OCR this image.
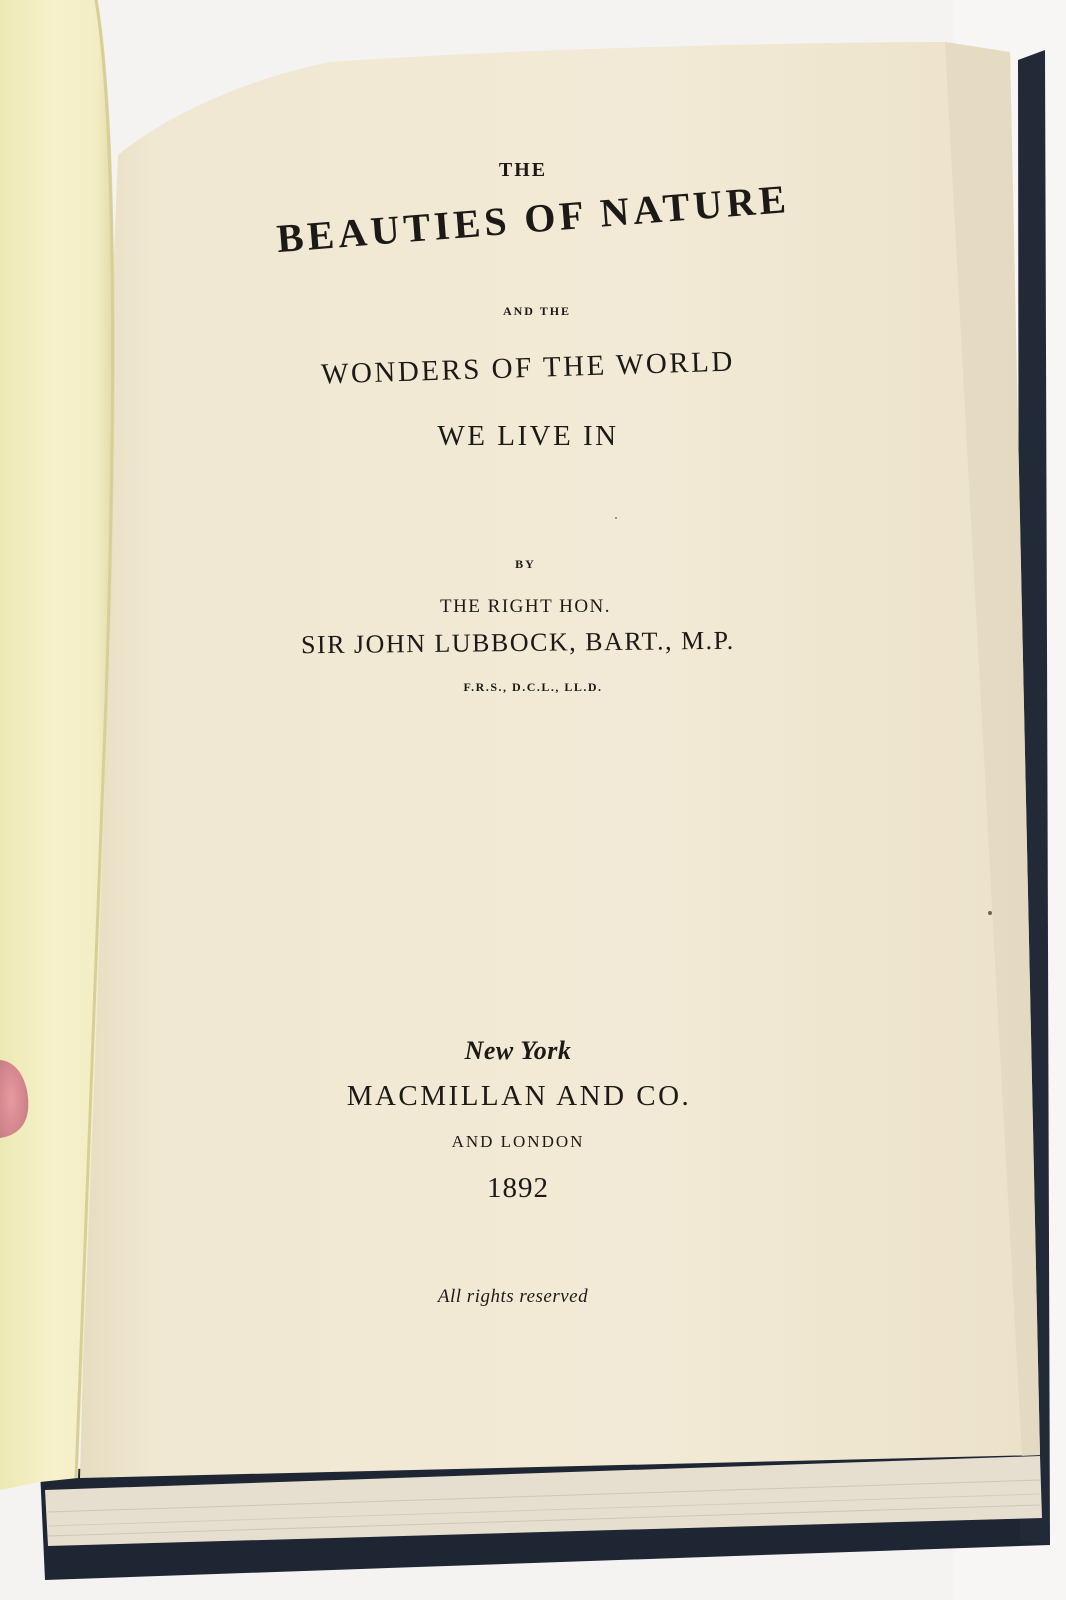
THE
BEAUTIES OF NATURE
AND THE
WONDERS OF THE WORLD
WE LIVE IN
BY
THE RIGHT HON.
SIR JOHN LUBBOCK, BART., M.P.
F.R.S., D.C.L., LL.D.
New York
MACMILLAN AND CO.
AND LONDON
1892
All rights reserved
